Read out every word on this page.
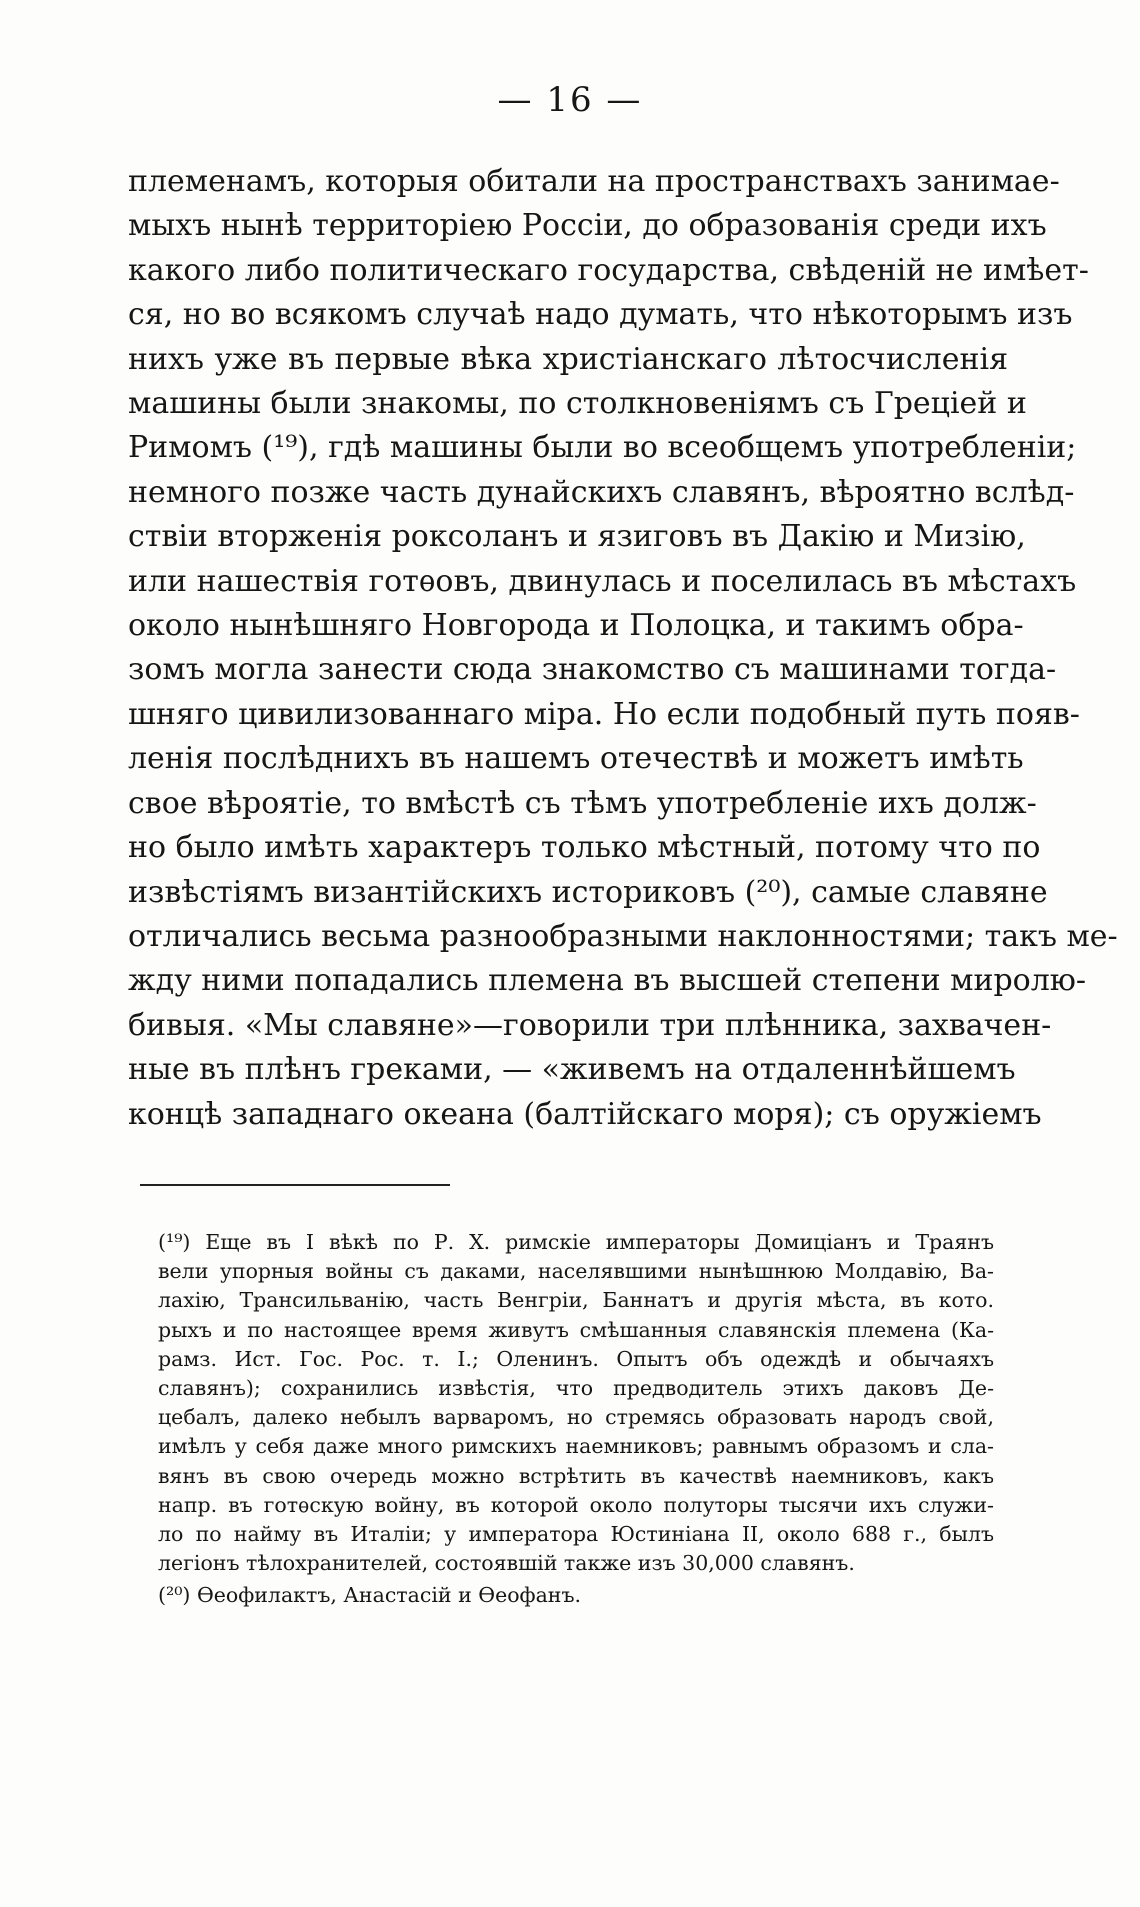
— 16 —
племенамъ, которыя обитали на пространствахъ занимае-
мыхъ нынѣ территоріею Россіи, до образованія среди ихъ
какого либо политическаго государства, свѣденій не имѣет-
ся, но во всякомъ случаѣ надо думать, что нѣкоторымъ изъ
нихъ уже въ первые вѣка христіанскаго лѣтосчисленія
машины были знакомы, по столкновеніямъ съ Греціей и
Римомъ (¹⁹), гдѣ машины были во всеобщемъ употребленіи;
немного позже часть дунайскихъ славянъ, вѣроятно вслѣд-
ствіи вторженія роксоланъ и язиговъ въ Дакію и Мизію,
или нашествія готѳовъ, двинулась и поселилась въ мѣстахъ
около нынѣшняго Новгорода и Полоцка, и такимъ обра-
зомъ могла занести сюда знакомство съ машинами тогда-
шняго цивилизованнаго міра. Но если подобный путь появ-
ленія послѣднихъ въ нашемъ отечествѣ и можетъ имѣть
свое вѣроятіе, то вмѣстѣ съ тѣмъ употребленіе ихъ долж-
но было имѣть характеръ только мѣстный, потому что по
извѣстіямъ византійскихъ историковъ (²⁰), самые славяне
отличались весьма разнообразными наклонностями; такъ ме-
жду ними попадались племена въ высшей степени миролю-
бивыя. «Мы славяне»—говорили три плѣнника, захвачен-
ные въ плѣнъ греками, — «живемъ на отдаленнѣйшемъ
концѣ западнаго океана (балтійскаго моря); съ оружіемъ
(¹⁹) Еще въ I вѣкѣ по Р. Х. римскіе императоры Домиціанъ и Траянъ
вели упорныя войны съ даками, населявшими нынѣшнюю Молдавію, Ва-
лахію, Трансильванію, часть Венгріи, Баннатъ и другія мѣста, въ кото.
рыхъ и по настоящее время живутъ смѣшанныя славянскія племена (Ка-
рамз. Ист. Гос. Рос. т. I.; Оленинъ. Опытъ объ одеждѣ и обычаяхъ
славянъ); сохранились извѣстія, что предводитель этихъ даковъ Де-
цебалъ, далеко небылъ варваромъ, но стремясь образовать народъ свой,
имѣлъ у себя даже много римскихъ наемниковъ; равнымъ образомъ и сла-
вянъ въ свою очередь можно встрѣтить въ качествѣ наемниковъ, какъ
напр. въ готѳскую войну, въ которой около полуторы тысячи ихъ служи-
ло по найму въ Италіи; у императора Юстиніана II, около 688 г., былъ
легіонъ тѣлохранителей, состоявшій также изъ 30,000 славянъ.
(²⁰) Ѳеофилактъ, Анастасій и Ѳеофанъ.
